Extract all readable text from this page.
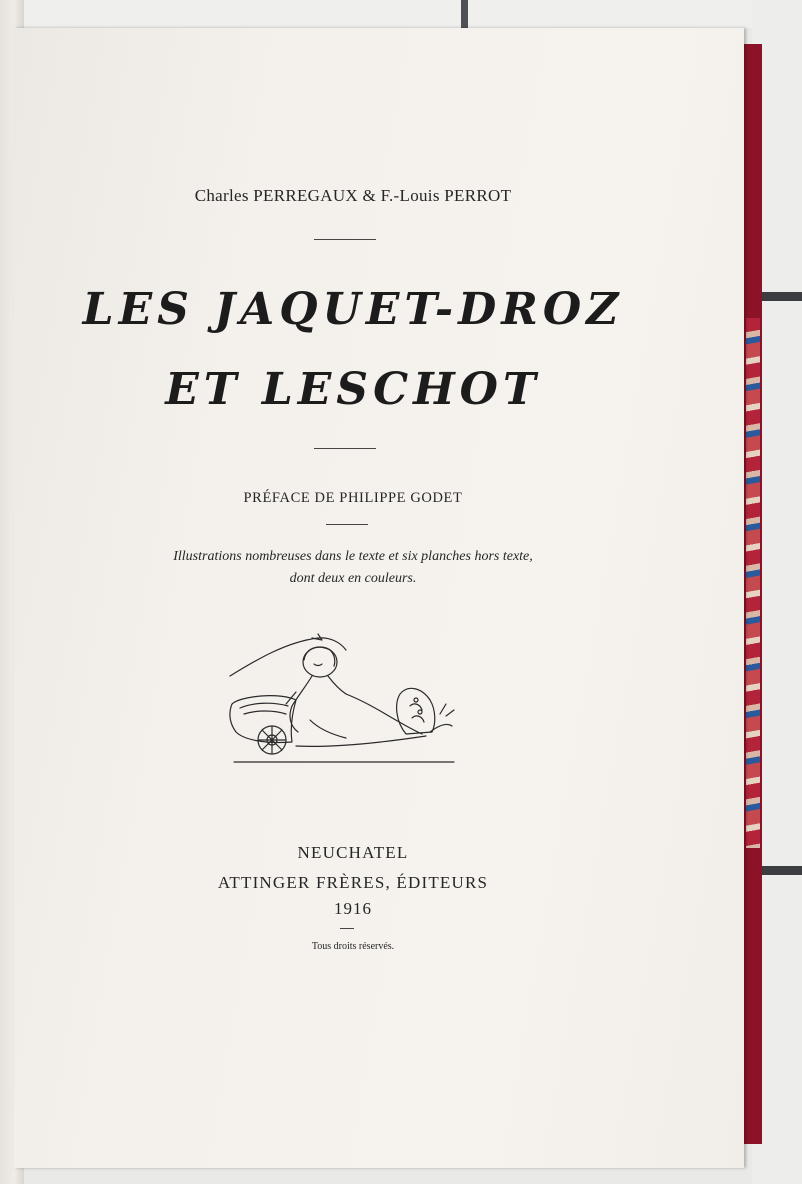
Charles PERREGAUX & F.-Louis PERROT
LES JAQUET-DROZ
ET LESCHOT
PRÉFACE DE PHILIPPE GODET
Illustrations nombreuses dans le texte et six planches hors texte,
dont deux en couleurs.
NEUCHATEL
ATTINGER FRÈRES, ÉDITEURS
1916
Tous droits réservés.
